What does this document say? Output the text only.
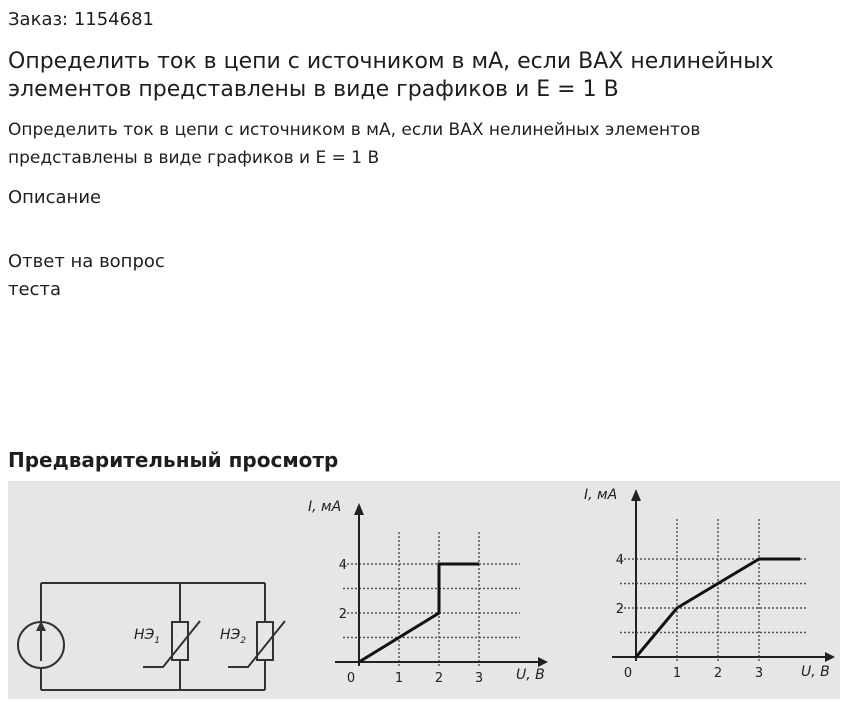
Заказ: 1154681
Определить ток в цепи с источником в мА, если ВАХ нелинейных элементов представлены в виде графиков и E = 1 В
Определить ток в цепи с источником в мА, если ВАХ нелинейных элементов представлены в виде графиков и E = 1 В
Описание
Ответ на вопрос теста
Предварительный просмотр
$НЭ_1$	$НЭ_2$
1 2 3
2
4
0
I, мА
U, B	1	2	3
2
4
0
I, мА
U, B
